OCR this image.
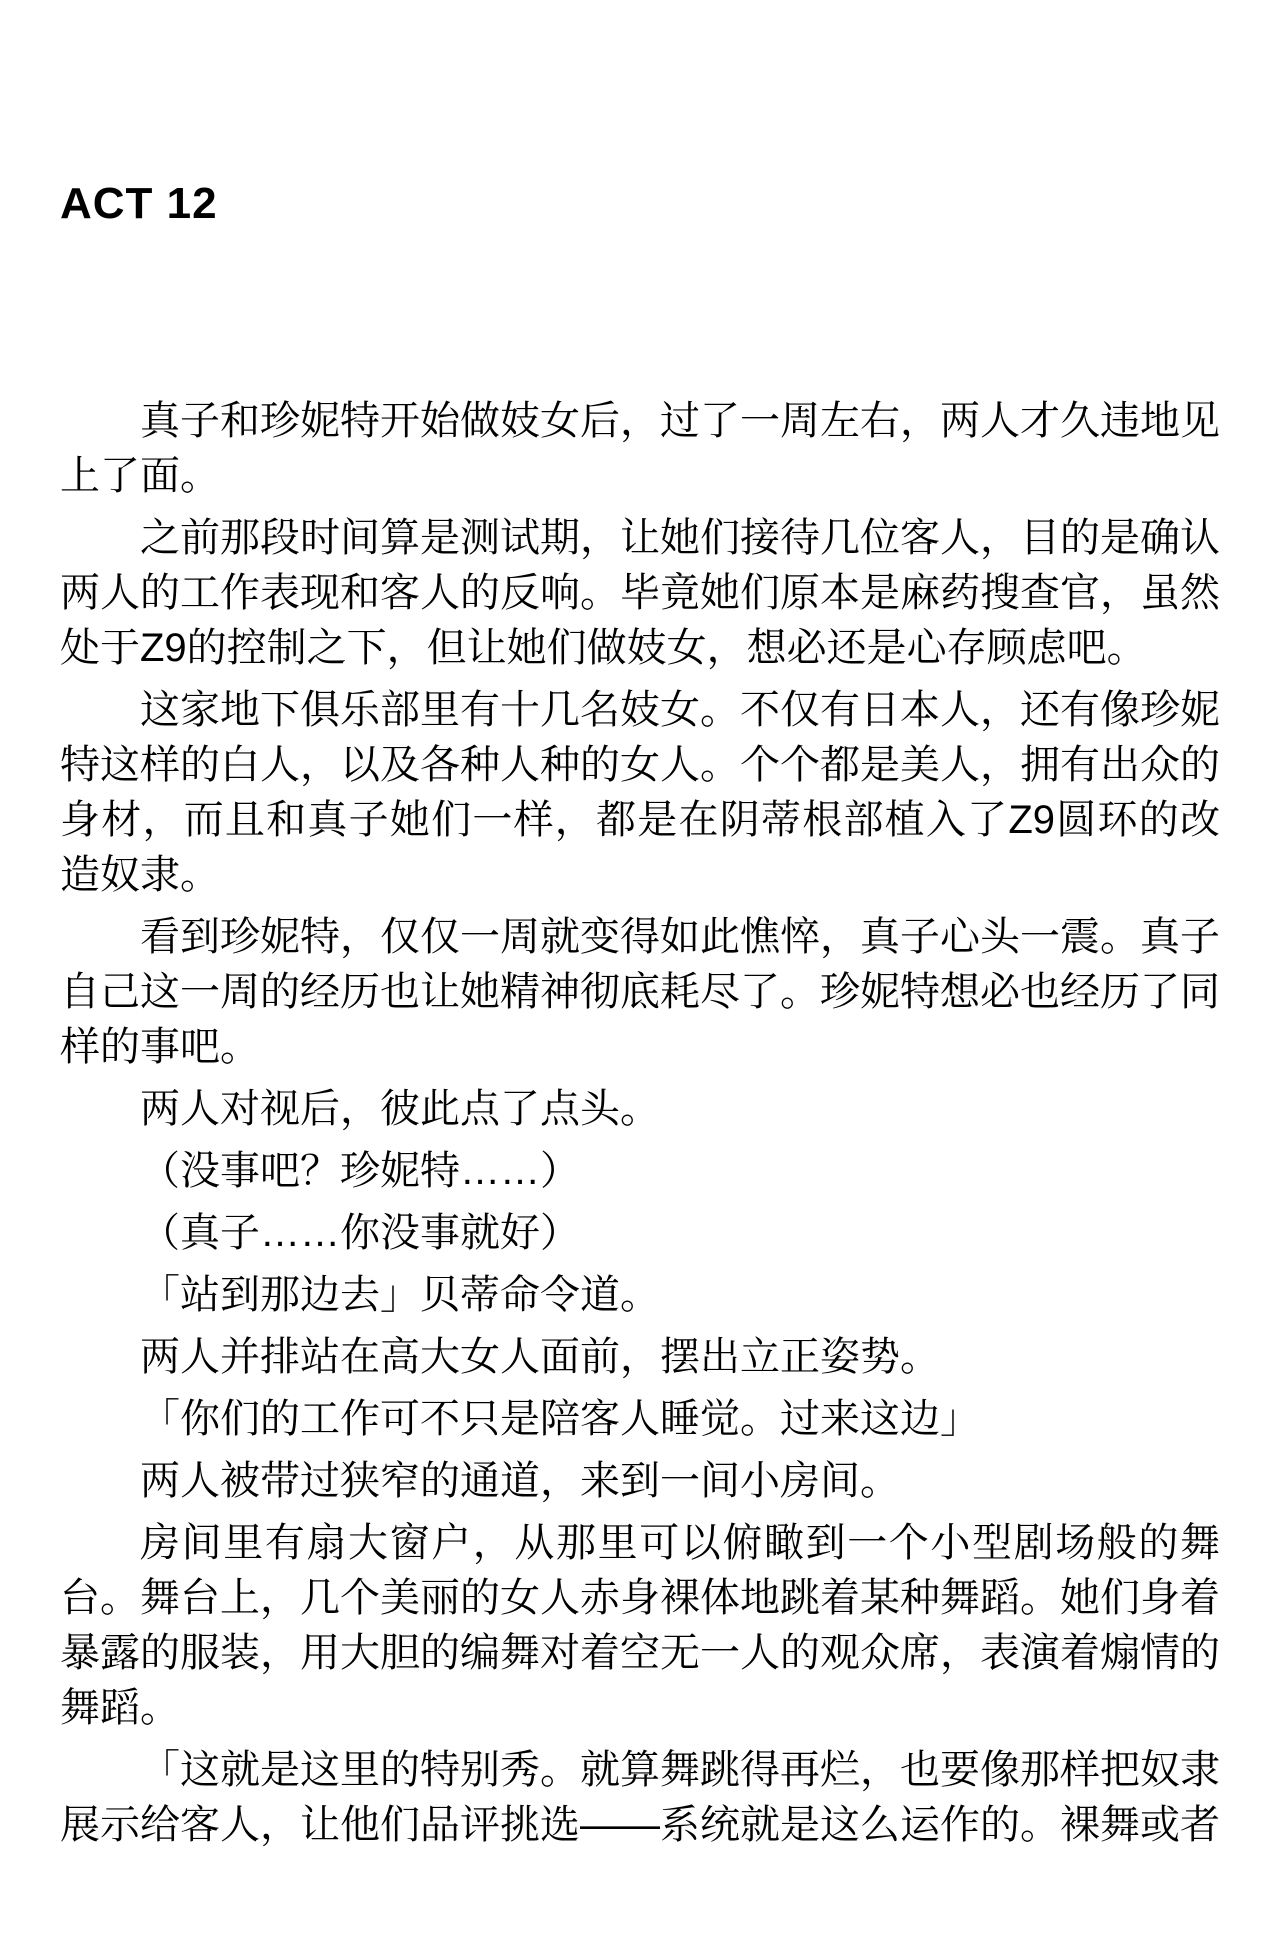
ACT 12

真子和珍妮特开始做妓女后，过了一周左右，两人才久违地见上了面。

之前那段时间算是测试期，让她们接待几位客人，目的是确认两人的工作表现和客人的反响。毕竟她们原本是麻药搜查官，虽然处于Z9的控制之下，但让她们做妓女，想必还是心存顾虑吧。

这家地下俱乐部里有十几名妓女。不仅有日本人，还有像珍妮特这样的白人，以及各种人种的女人。个个都是美人，拥有出众的身材，而且和真子她们一样，都是在阴蒂根部植入了Z9圆环的改造奴隶。

看到珍妮特，仅仅一周就变得如此憔悴，真子心头一震。真子自己这一周的经历也让她精神彻底耗尽了。珍妮特想必也经历了同样的事吧。

两人对视后，彼此点了点头。

（没事吧？珍妮特……）

（真子……你没事就好）

「站到那边去」贝蒂命令道。

两人并排站在高大女人面前，摆出立正姿势。

「你们的工作可不只是陪客人睡觉。过来这边」

两人被带过狭窄的通道，来到一间小房间。

房间里有扇大窗户，从那里可以俯瞰到一个小型剧场般的舞台。舞台上，几个美丽的女人赤身裸体地跳着某种舞蹈。她们身着暴露的服装，用大胆的编舞对着空无一人的观众席，表演着煽情的舞蹈。

「这就是这里的特别秀。就算舞跳得再烂，也要像那样把奴隶展示给客人，让他们品评挑选——系统就是这么运作的。裸舞或者
